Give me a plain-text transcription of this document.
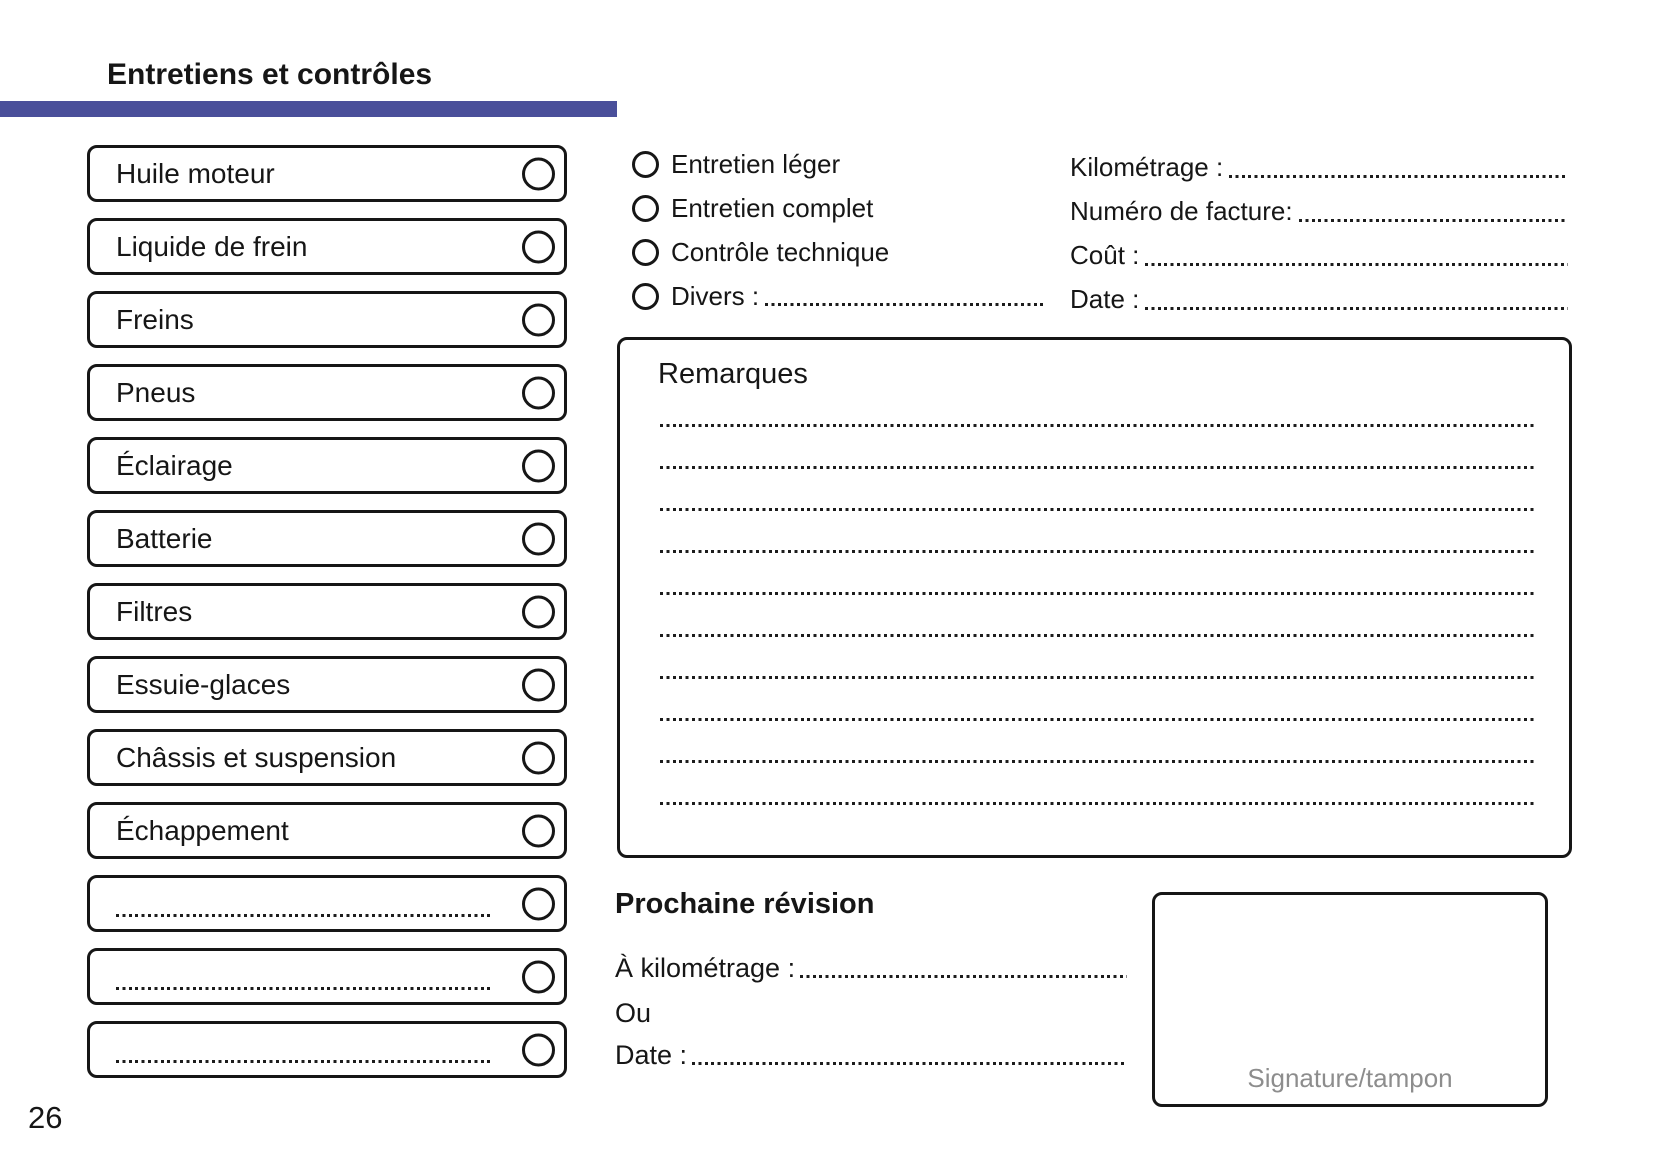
Entretiens et contrôles
Huile moteur
Liquide de frein
Freins
Pneus
Éclairage
Batterie
Filtres
Essuie-glaces
Châssis et suspension
Échappement
Entretien léger
Entretien complet
Contrôle technique
Divers :
Kilométrage :
Numéro de facture:
Coût :
Date :
Remarques
Prochaine révision
À kilométrage :
Ou
Date :
Signature/tampon
26
